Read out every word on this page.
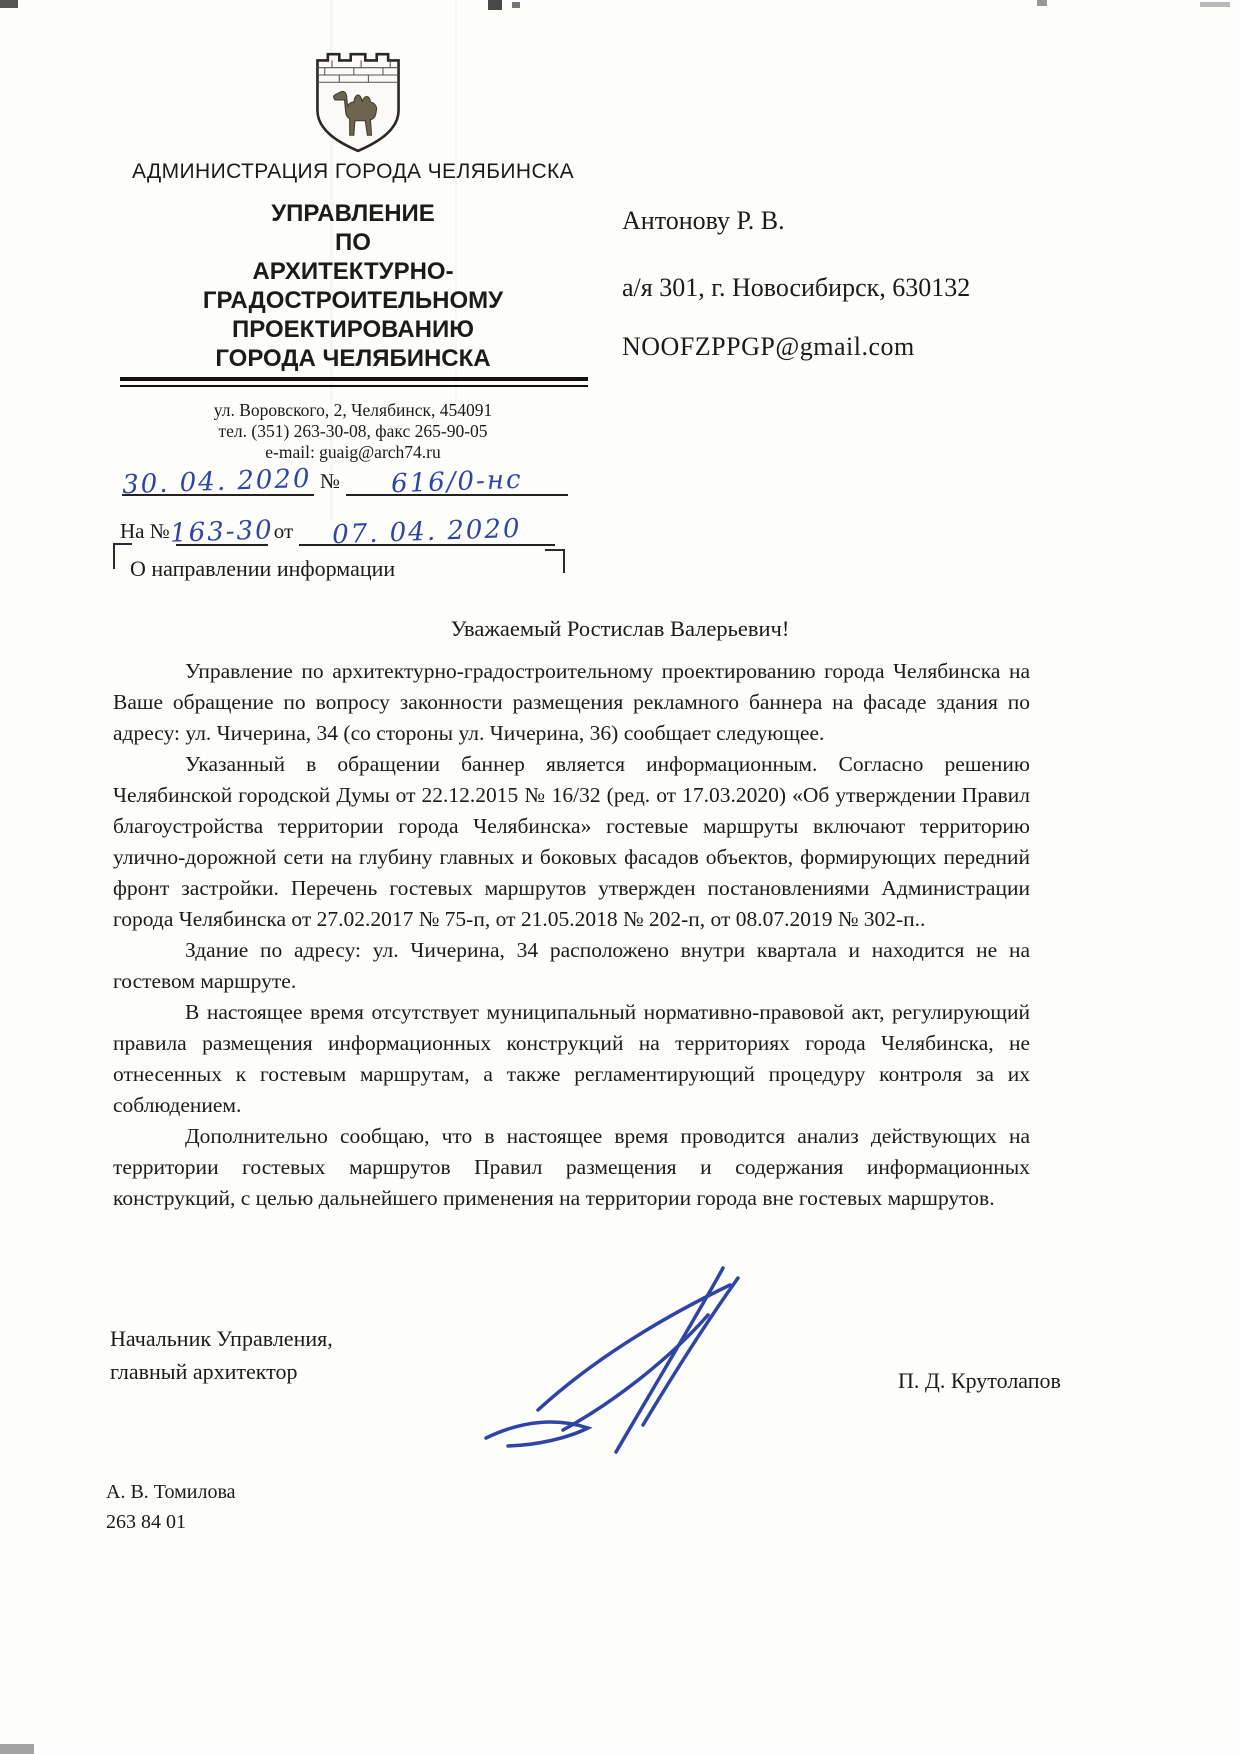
АДМИНИСТРАЦИЯ ГОРОДА ЧЕЛЯБИНСКА
УПРАВЛЕНИЕ
ПО
АРХИТЕКТУРНО-
ГРАДОСТРОИТЕЛЬНОМУ
ПРОЕКТИРОВАНИЮ
ГОРОДА ЧЕЛЯБИНСКА
ул. Воровского, 2, Челябинск, 454091
тел. (351) 263-30-08, факс 265-90-05
e-mail: guaig@arch74.ru
30. 04. 2020 № 616/0-нс
На № 163-30 от 07. 04. 2020
О направлении информации
Антонову Р. В.
а/я 301, г. Новосибирск, 630132
NOOFZPPGP@gmail.com
Уважаемый Ростислав Валерьевич!

Управление по архитектурно-градостроительному проектированию города Челябинска на Ваше обращение по вопросу законности размещения рекламного баннера на фасаде здания по адресу: ул. Чичерина, 34 (со стороны ул. Чичерина, 36) сообщает следующее.

Указанный в обращении баннер является информационным. Согласно решению Челябинской городской Думы от 22.12.2015 № 16/32 (ред. от 17.03.2020) «Об утверждении Правил благоустройства территории города Челябинска» гостевые маршруты включают территорию улично-дорожной сети на глубину главных и боковых фасадов объектов, формирующих передний фронт застройки. Перечень гостевых маршрутов утвержден постановлениями Администрации города Челябинска от 27.02.2017 № 75-п, от 21.05.2018 № 202-п, от 08.07.2019 № 302-п..

Здание по адресу: ул. Чичерина, 34 расположено внутри квартала и находится не на гостевом маршруте.

В настоящее время отсутствует муниципальный нормативно-правовой акт, регулирующий правила размещения информационных конструкций на территориях города Челябинска, не отнесенных к гостевым маршрутам, а также регламентирующий процедуру контроля за их соблюдением.

Дополнительно сообщаю, что в настоящее время проводится анализ действующих на территории гостевых маршрутов Правил размещения и содержания информационных конструкций, с целью дальнейшего применения на территории города вне гостевых маршрутов.

Начальник Управления,
главный архитектор	П. Д. Крутолапов
А. В. Томилова
263 84 01
